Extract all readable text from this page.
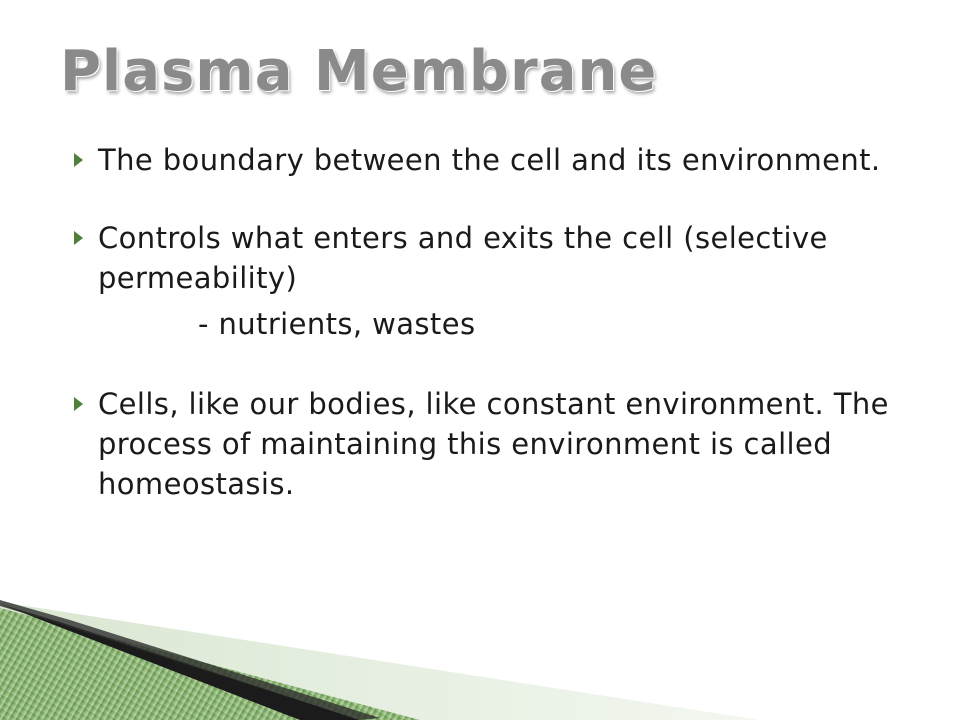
Plasma Membrane
The boundary between the cell and its environment.
Controls what enters and exits the cell (selective permeability)
- nutrients, wastes
Cells, like our bodies, like constant environment. The process of maintaining this environment is called homeostasis.
